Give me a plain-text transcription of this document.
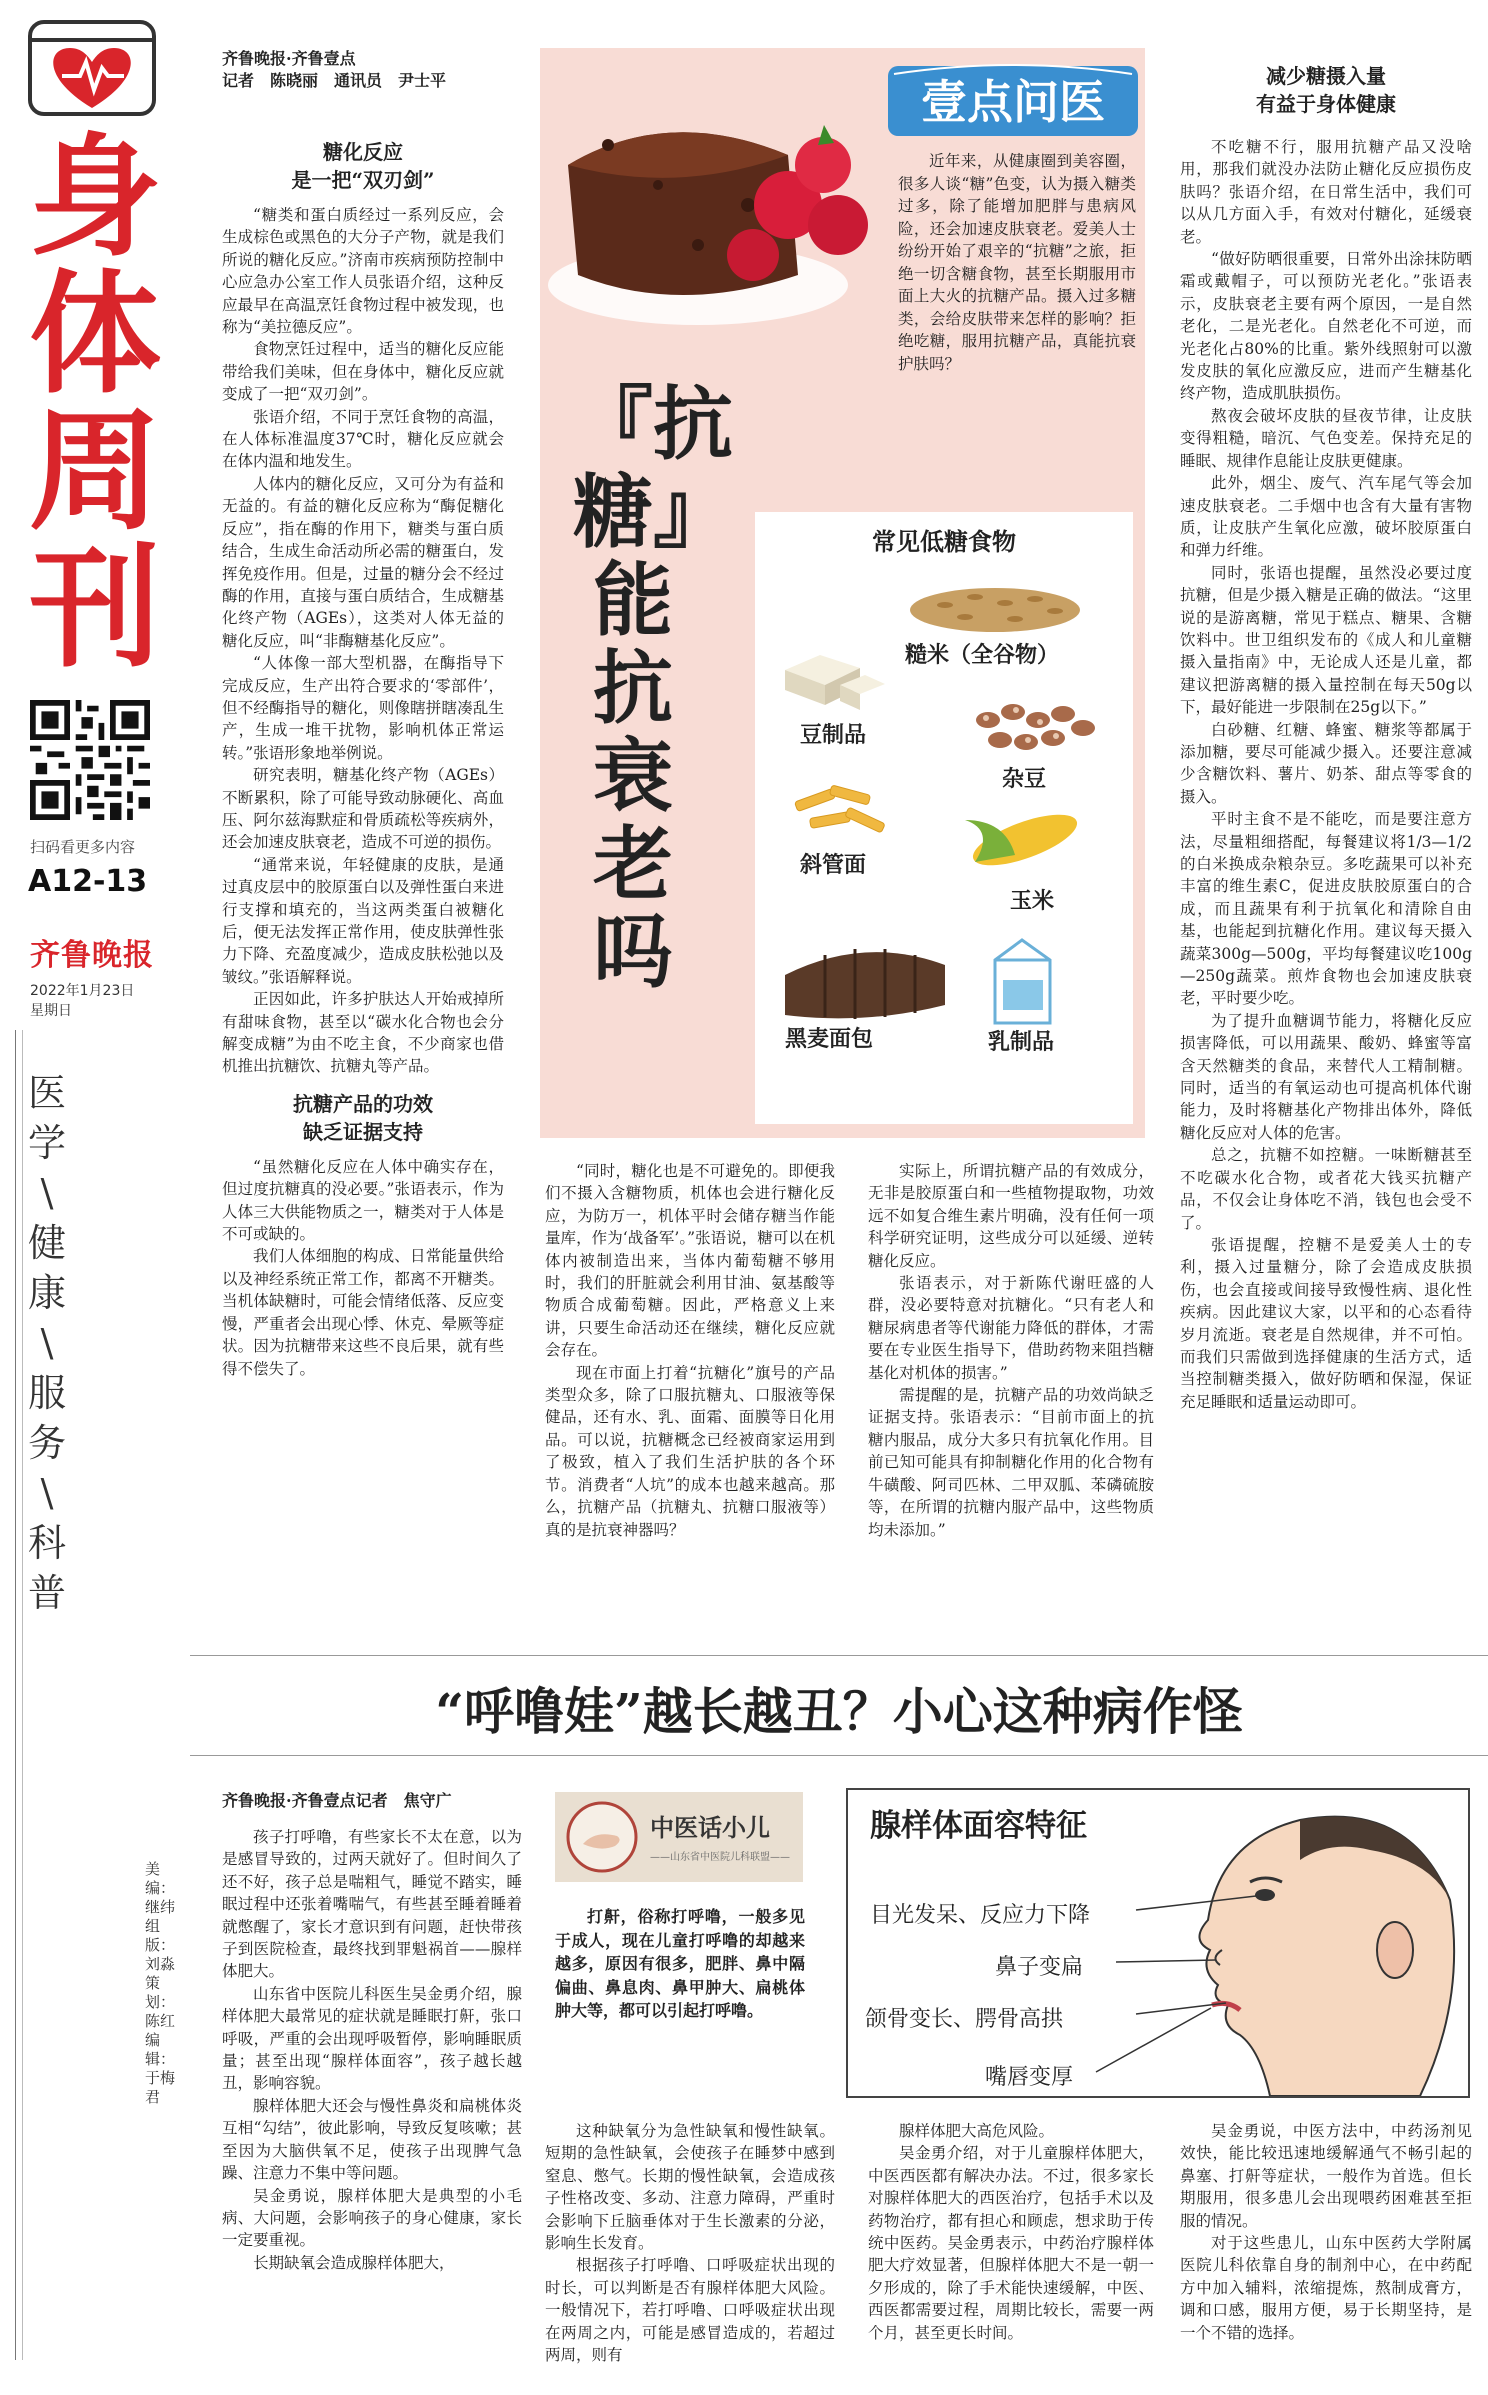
身体周刊
扫码看更多内容
A12-13
齐鲁晚报
2022年1月23日
星期日
医
学
\
健
康
\
服
务
\
科
普
齐鲁晚报·齐鲁壹点
记者　陈晓丽　通讯员　尹士平
糖化反应
是一把“双刃剑”

“糖类和蛋白质经过一系列反应，会生成棕色或黑色的大分子产物，就是我们所说的糖化反应。”济南市疾病预防控制中心应急办公室工作人员张语介绍，这种反应最早在高温烹饪食物过程中被发现，也称为“美拉德反应”。

食物烹饪过程中，适当的糖化反应能带给我们美味，但在身体中，糖化反应就变成了一把“双刃剑”。

张语介绍，不同于烹饪食物的高温，在人体标准温度37℃时，糖化反应就会在体内温和地发生。

人体内的糖化反应，又可分为有益和无益的。有益的糖化反应称为“酶促糖化反应”，指在酶的作用下，糖类与蛋白质结合，生成生命活动所必需的糖蛋白，发挥免疫作用。但是，过量的糖分会不经过酶的作用，直接与蛋白质结合，生成糖基化终产物（AGEs），这类对人体无益的糖化反应，叫“非酶糖基化反应”。

“人体像一部大型机器，在酶指导下完成反应，生产出符合要求的‘零部件’，但不经酶指导的糖化，则像瞎拼瞎凑乱生产，生成一堆干扰物，影响机体正常运转。”张语形象地举例说。

研究表明，糖基化终产物（AGEs）不断累积，除了可能导致动脉硬化、高血压、阿尔兹海默症和骨质疏松等疾病外，还会加速皮肤衰老，造成不可逆的损伤。

“通常来说，年轻健康的皮肤，是通过真皮层中的胶原蛋白以及弹性蛋白来进行支撑和填充的，当这两类蛋白被糖化后，便无法发挥正常作用，使皮肤弹性张力下降、充盈度减少，造成皮肤松弛以及皱纹。”张语解释说。

正因如此，许多护肤达人开始戒掉所有甜味食物，甚至以“碳水化合物也会分解变成糖”为由不吃主食，不少商家也借机推出抗糖饮、抗糖丸等产品。

抗糖产品的功效
缺乏证据支持

“虽然糖化反应在人体中确实存在，但过度抗糖真的没必要。”张语表示，作为人体三大供能物质之一，糖类对于人体是不可或缺的。

我们人体细胞的构成、日常能量供给以及神经系统正常工作，都离不开糖类。当机体缺糖时，可能会情绪低落、反应变慢，严重者会出现心悸、休克、晕厥等症状。因为抗糖带来这些不良后果，就有些得不偿失了。

壹点问医
近年来，从健康圈到美容圈，很多人谈“糖”色变，认为摄入糖类过多，除了能增加肥胖与患病风险，还会加速皮肤衰老。爱美人士纷纷开始了艰辛的“抗糖”之旅，拒绝一切含糖食物，甚至长期服用市面上大火的抗糖产品。摄入过多糖类，会给皮肤带来怎样的影响？拒绝吃糖，服用抗糖产品，真能抗衰护肤吗？
『抗糖』能抗衰老吗
常见低糖食物
糙米（全谷物）
豆制品
杂豆
斜管面
玉米
黑麦面包	乳制品

“同时，糖化也是不可避免的。即便我们不摄入含糖物质，机体也会进行糖化反应，为防万一，机体平时会储存糖当作能量库，作为‘战备军’。”张语说，糖可以在机体内被制造出来，当体内葡萄糖不够用时，我们的肝脏就会利用甘油、氨基酸等物质合成葡萄糖。因此，严格意义上来讲，只要生命活动还在继续，糖化反应就会存在。

现在市面上打着“抗糖化”旗号的产品类型众多，除了口服抗糖丸、口服液等保健品，还有水、乳、面霜、面膜等日化用品。可以说，抗糖概念已经被商家运用到了极致，植入了我们生活护肤的各个环节。消费者“人坑”的成本也越来越高。那么，抗糖产品（抗糖丸、抗糖口服液等）真的是抗衰神器吗？

实际上，所谓抗糖产品的有效成分，无非是胶原蛋白和一些植物提取物，功效远不如复合维生素片明确，没有任何一项科学研究证明，这些成分可以延缓、逆转糖化反应。

张语表示，对于新陈代谢旺盛的人群，没必要特意对抗糖化。“只有老人和糖尿病患者等代谢能力降低的群体，才需要在专业医生指导下，借助药物来阻挡糖基化对机体的损害。”

需提醒的是，抗糖产品的功效尚缺乏证据支持。张语表示：“目前市面上的抗糖内服品，成分大多只有抗氧化作用。目前已知可能具有抑制糖化作用的化合物有牛磺酸、阿司匹林、二甲双胍、苯磷硫胺等，在所谓的抗糖内服产品中，这些物质均未添加。”

减少糖摄入量
有益于身体健康

不吃糖不行，服用抗糖产品又没啥用，那我们就没办法防止糖化反应损伤皮肤吗？张语介绍，在日常生活中，我们可以从几方面入手，有效对付糖化，延缓衰老。

“做好防晒很重要，日常外出涂抹防晒霜或戴帽子，可以预防光老化。”张语表示，皮肤衰老主要有两个原因，一是自然老化，二是光老化。自然老化不可逆，而光老化占80%的比重。紫外线照射可以激发皮肤的氧化应激反应，进而产生糖基化终产物，造成肌肤损伤。

熬夜会破坏皮肤的昼夜节律，让皮肤变得粗糙，暗沉、气色变差。保持充足的睡眠、规律作息能让皮肤更健康。

此外，烟尘、废气、汽车尾气等会加速皮肤衰老。二手烟中也含有大量有害物质，让皮肤产生氧化应激，破坏胶原蛋白和弹力纤维。

同时，张语也提醒，虽然没必要过度抗糖，但是少摄入糖是正确的做法。“这里说的是游离糖，常见于糕点、糖果、含糖饮料中。世卫组织发布的《成人和儿童糖摄入量指南》中，无论成人还是儿童，都建议把游离糖的摄入量控制在每天50g以下，最好能进一步限制在25g以下。”

白砂糖、红糖、蜂蜜、糖浆等都属于添加糖，要尽可能减少摄入。还要注意减少含糖饮料、薯片、奶茶、甜点等零食的摄入。

平时主食不是不能吃，而是要注意方法，尽量粗细搭配，每餐建议将1/3—1/2的白米换成杂粮杂豆。多吃蔬果可以补充丰富的维生素C，促进皮肤胶原蛋白的合成，而且蔬果有利于抗氧化和清除自由基，也能起到抗糖化作用。建议每天摄入蔬菜300g—500g，平均每餐建议吃100g—250g蔬菜。煎炸食物也会加速皮肤衰老，平时要少吃。

为了提升血糖调节能力，将糖化反应损害降低，可以用蔬果、酸奶、蜂蜜等富含天然糖类的食品，来替代人工精制糖。同时，适当的有氧运动也可提高机体代谢能力，及时将糖基化产物排出体外，降低糖化反应对人体的危害。

总之，抗糖不如控糖。一味断糖甚至不吃碳水化合物，或者花大钱买抗糖产品，不仅会让身体吃不消，钱包也会受不了。

张语提醒，控糖不是爱美人士的专利，摄入过量糖分，除了会造成皮肤损伤，也会直接或间接导致慢性病、退化性疾病。因此建议大家，以平和的心态看待岁月流逝。衰老是自然规律，并不可怕。而我们只需做到选择健康的生活方式，适当控制糖类摄入，做好防晒和保湿，保证充足睡眠和适量运动即可。

“呼噜娃”越长越丑？小心这种病作怪
美编：继纬　组版：刘淼　策划：陈红　编辑：于梅君
齐鲁晚报·齐鲁壹点记者　焦守广

孩子打呼噜，有些家长不太在意，以为是感冒导致的，过两天就好了。但时间久了还不好，孩子总是喘粗气，睡觉不踏实，睡眠过程中还张着嘴喘气，有些甚至睡着睡着就憋醒了，家长才意识到有问题，赶快带孩子到医院检查，最终找到罪魁祸首——腺样体肥大。

山东省中医院儿科医生吴金勇介绍，腺样体肥大最常见的症状就是睡眠打鼾，张口呼吸，严重的会出现呼吸暂停，影响睡眠质量；甚至出现“腺样体面容”，孩子越长越丑，影响容貌。

腺样体肥大还会与慢性鼻炎和扁桃体炎互相“勾结”，彼此影响，导致反复咳嗽；甚至因为大脑供氧不足，使孩子出现脾气急躁、注意力不集中等问题。

吴金勇说，腺样体肥大是典型的小毛病、大问题，会影响孩子的身心健康，家长一定要重视。

长期缺氧会造成腺样体肥大，

中医话小儿
——山东省中医院儿科联盟——
打鼾，俗称打呼噜，一般多见于成人，现在儿童打呼噜的却越来越多，原因有很多，肥胖、鼻中隔偏曲、鼻息肉、鼻甲肿大、扁桃体肿大等，都可以引起打呼噜。
腺样体面容特征
目光发呆、反应力下降
鼻子变扁
颌骨变长、腭骨高拱
嘴唇变厚

这种缺氧分为急性缺氧和慢性缺氧。短期的急性缺氧，会使孩子在睡梦中感到窒息、憋气。长期的慢性缺氧，会造成孩子性格改变、多动、注意力障碍，严重时会影响下丘脑垂体对于生长激素的分泌，影响生长发育。

根据孩子打呼噜、口呼吸症状出现的时长，可以判断是否有腺样体肥大风险。一般情况下，若打呼噜、口呼吸症状出现在两周之内，可能是感冒造成的，若超过两周，则有

腺样体肥大高危风险。

吴金勇介绍，对于儿童腺样体肥大，中医西医都有解决办法。不过，很多家长对腺样体肥大的西医治疗，包括手术以及药物治疗，都有担心和顾虑，想求助于传统中医药。吴金勇表示，中药治疗腺样体肥大疗效显著，但腺样体肥大不是一朝一夕形成的，除了手术能快速缓解，中医、西医都需要过程，周期比较长，需要一两个月，甚至更长时间。

吴金勇说，中医方法中，中药汤剂见效快，能比较迅速地缓解通气不畅引起的鼻塞、打鼾等症状，一般作为首选。但长期服用，很多患儿会出现喂药困难甚至拒服的情况。

对于这些患儿，山东中医药大学附属医院儿科依靠自身的制剂中心，在中药配方中加入辅料，浓缩提炼，熬制成膏方，调和口感，服用方便，易于长期坚持，是一个不错的选择。
